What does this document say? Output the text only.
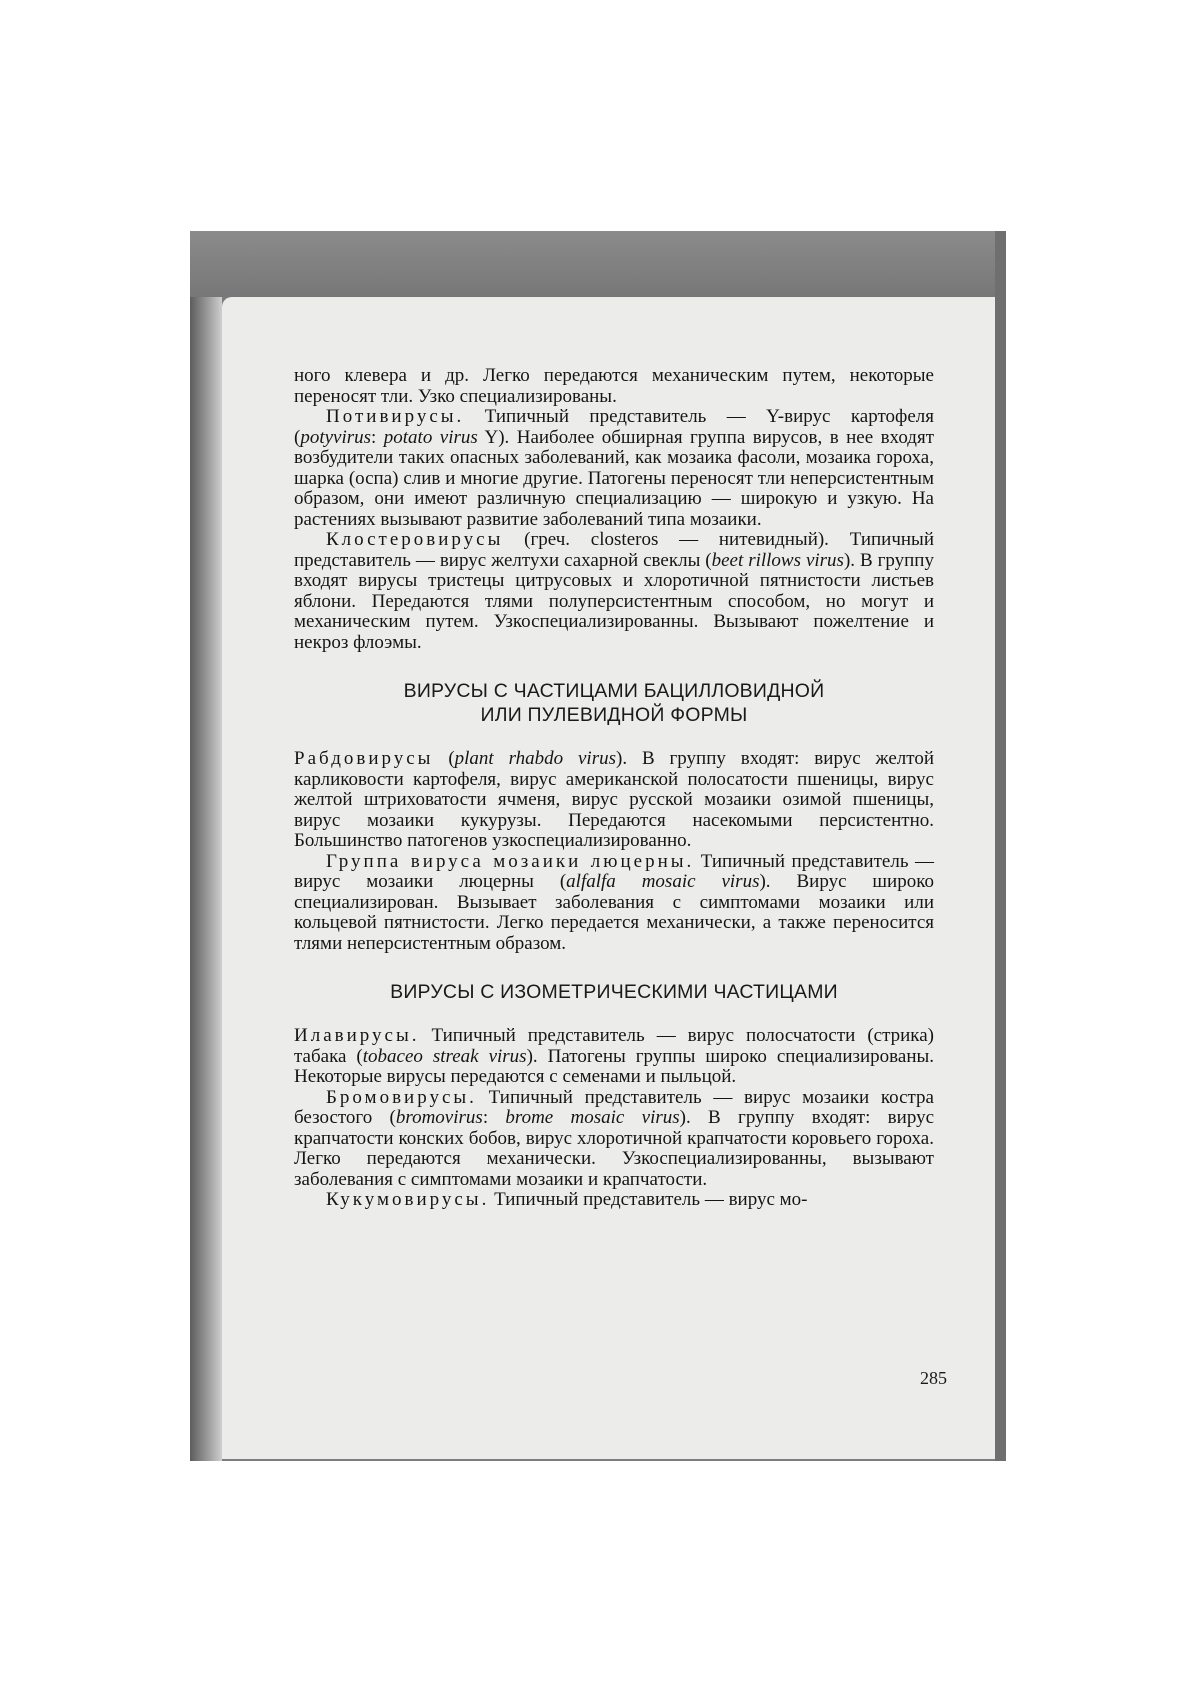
ного клевера и др. Легко передаются механическим путем, некоторые переносят тли. Узко специализированы.

Потивирусы. Типичный представитель — Y-вирус картофеля (potyvirus: potato virus Y). Наиболее обширная группа вирусов, в нее входят возбудители таких опасных заболеваний, как мозаика фасоли, мозаика гороха, шарка (оспа) слив и многие другие. Патогены переносят тли неперсистентным образом, они имеют различную специализацию — широкую и узкую. На растениях вызывают развитие заболеваний типа мозаики.

Клостеровирусы (греч. closteros — нитевидный). Типичный представитель — вирус желтухи сахарной свеклы (beet rillows virus). В группу входят вирусы тристецы цитрусовых и хлоротичной пятнистости листьев яблони. Передаются тлями полуперсистентным способом, но могут и механическим путем. Узкоспециализированны. Вызывают пожелтение и некроз флоэмы.

ВИРУСЫ С ЧАСТИЦАМИ БАЦИЛЛОВИДНОЙ
ИЛИ ПУЛЕВИДНОЙ ФОРМЫ

Рабдовирусы (plant rhabdo virus). В группу входят: вирус желтой карликовости картофеля, вирус американской полосатости пшеницы, вирус желтой штриховатости ячменя, вирус русской мозаики озимой пшеницы, вирус мозаики кукурузы. Передаются насекомыми персистентно. Большинство патогенов узкоспециализированно.

Группа вируса мозаики люцерны. Типичный представитель — вирус мозаики люцерны (alfalfa mosaic virus). Вирус широко специализирован. Вызывает заболевания с симптомами мозаики или кольцевой пятнистости. Легко передается механически, а также переносится тлями неперсистентным образом.

ВИРУСЫ С ИЗОМЕТРИЧЕСКИМИ ЧАСТИЦАМИ

Илавирусы. Типичный представитель — вирус полосчатости (стрика) табака (tobaceo streak virus). Патогены группы широко специализированы. Некоторые вирусы передаются с семенами и пыльцой.

Бромовирусы. Типичный представитель — вирус мозаики костра безостого (bromovirus: brome mosaic virus). В группу входят: вирус крапчатости конских бобов, вирус хлоротичной крапчатости коровьего гороха. Легко передаются механически. Узкоспециализированны, вызывают заболевания с симптомами мозаики и крапчатости.

Кукумовирусы. Типичный представитель — вирус мо-

285
